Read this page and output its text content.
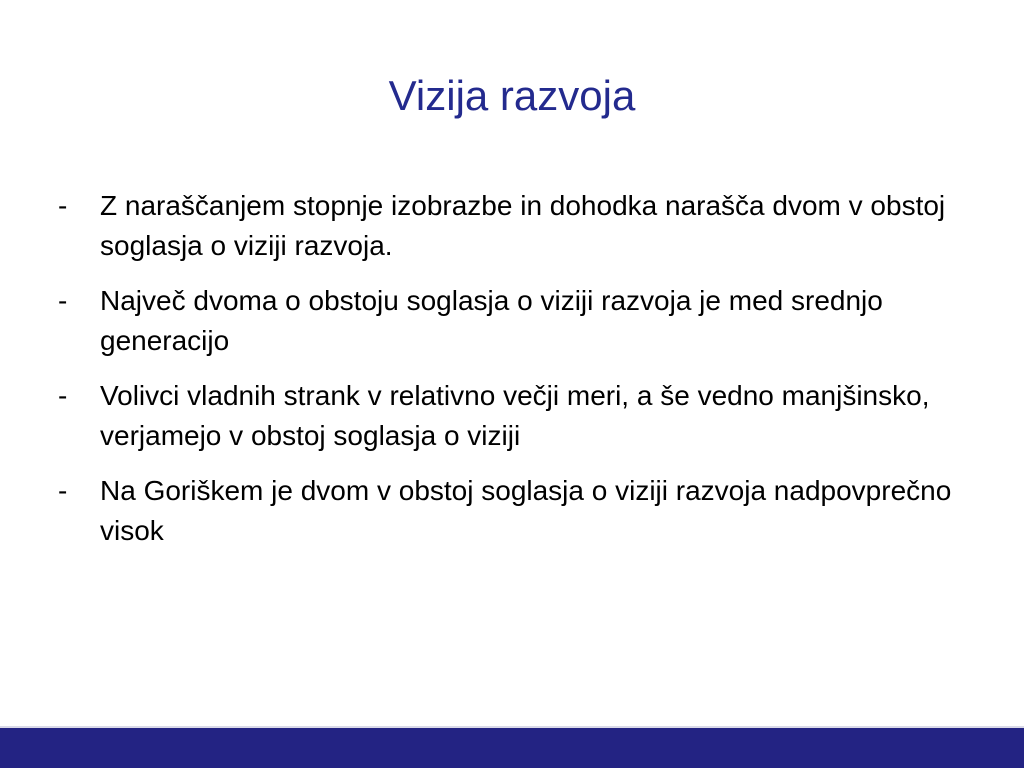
Vizija razvoja
-	Z naraščanjem stopnje izobrazbe in dohodka narašča dvom v obstoj soglasja o viziji razvoja.
-	Največ dvoma o obstoju soglasja o viziji razvoja je med srednjo generacijo
-	Volivci vladnih strank v relativno večji meri, a še vedno manjšinsko, verjamejo v obstoj soglasja o viziji
-	Na Goriškem je dvom v obstoj soglasja o viziji razvoja nadpovprečno visok
